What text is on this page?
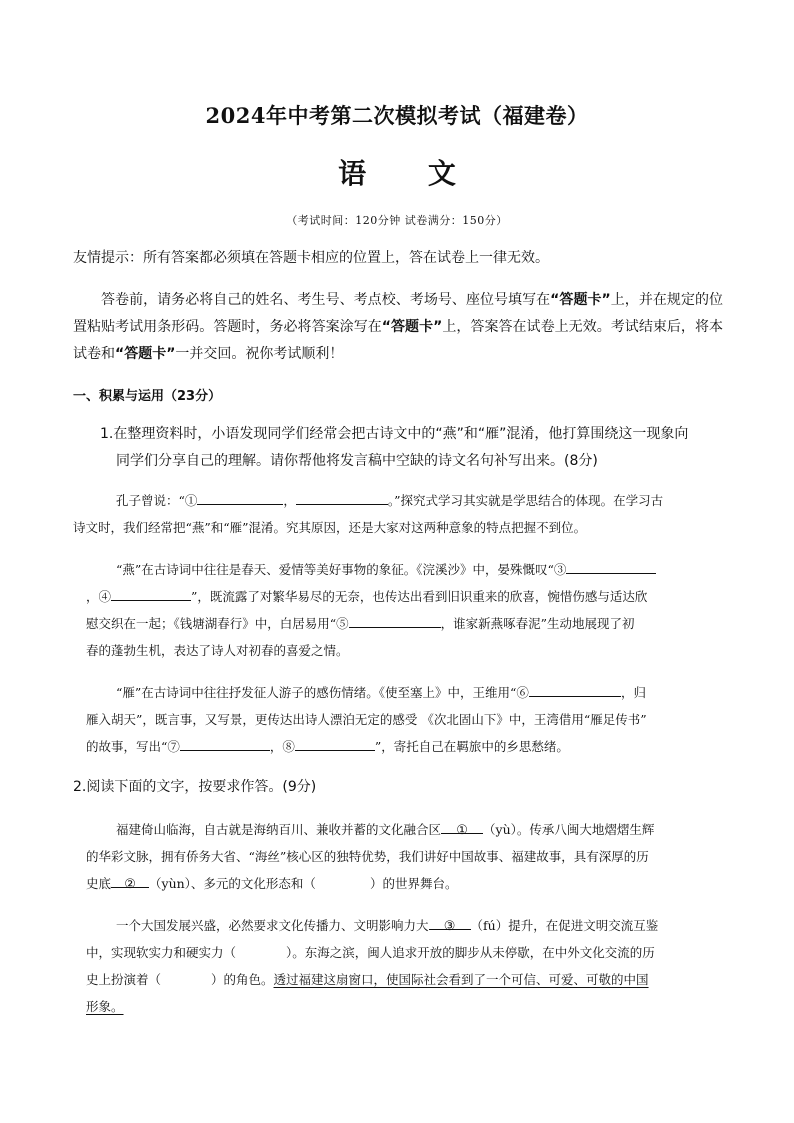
2024年中考第二次模拟考试（福建卷）
语 文
（考试时间：120分钟 试卷满分：150分）
友情提示：所有答案都必须填在答题卡相应的位置上，答在试卷上一律无效。
答卷前，请务必将自己的姓名、考生号、考点校、考场号、座位号填写在“答题卡”上，并在规定的位置粘贴考试用条形码。答题时，务必将答案涂写在“答题卡”上，答案答在试卷上无效。考试结束后，将本试卷和“答题卡”一并交回。祝你考试顺利！
一、积累与运用（23分）
1.在整理资料时，小语发现同学们经常会把古诗文中的“燕”和“雁”混淆，他打算围绕这一现象向
同学们分享自己的理解。请你帮他将发言稿中空缺的诗文名句补写出来。(8分)
孔子曾说：“①	，	。”探究式学习其实就是学思结合的体现。在学习古
诗文时，我们经常把“燕”和“雁”混淆。究其原因，还是大家对这两种意象的特点把握不到位。
“燕”在古诗词中往往是春天、爱情等美好事物的象征。《浣溪沙》中，晏殊慨叹“③
，④	”，既流露了对繁华易尽的无奈，也传达出看到旧识重来的欣喜，惋惜伤感与适达欣
慰交织在一起；《钱塘湖春行》中，白居易用“⑤	，谁家新燕啄春泥”生动地展现了初
春的蓬勃生机，表达了诗人对初春的喜爱之情。
“雁”在古诗词中往往抒发征人游子的感伤情绪。《使至塞上》中，王维用“⑥	，归
雁入胡天”，既言事，又写景，更传达出诗人漂泊无定的感受 《次北固山下》中，王湾借用“雁足传书”
的故事，写出“⑦	，⑧	”，寄托自己在羁旅中的乡思愁绪。
2.阅读下面的文字，按要求作答。(9分)
福建倚山临海，自古就是海纳百川、兼收并蓄的文化融合区 ① （yù）。传承八闽大地熠熠生辉
的华彩文脉，拥有侨务大省、“海丝”核心区的独特优势，我们讲好中国故事、福建故事，具有深厚的历
史底 ② （yùn）、多元的文化形态和（	）的世界舞台。
一个大国发展兴盛，必然要求文化传播力、文明影响力大 ③ （fú）提升，在促进文明交流互鉴
中，实现软实力和硬实力（	）。东海之滨，闽人追求开放的脚步从未停歇，在中外文化交流的历
史上扮演着（	）的角色。透过福建这扇窗口，使国际社会看到了一个可信、可爱、可敬的中国
形象。
